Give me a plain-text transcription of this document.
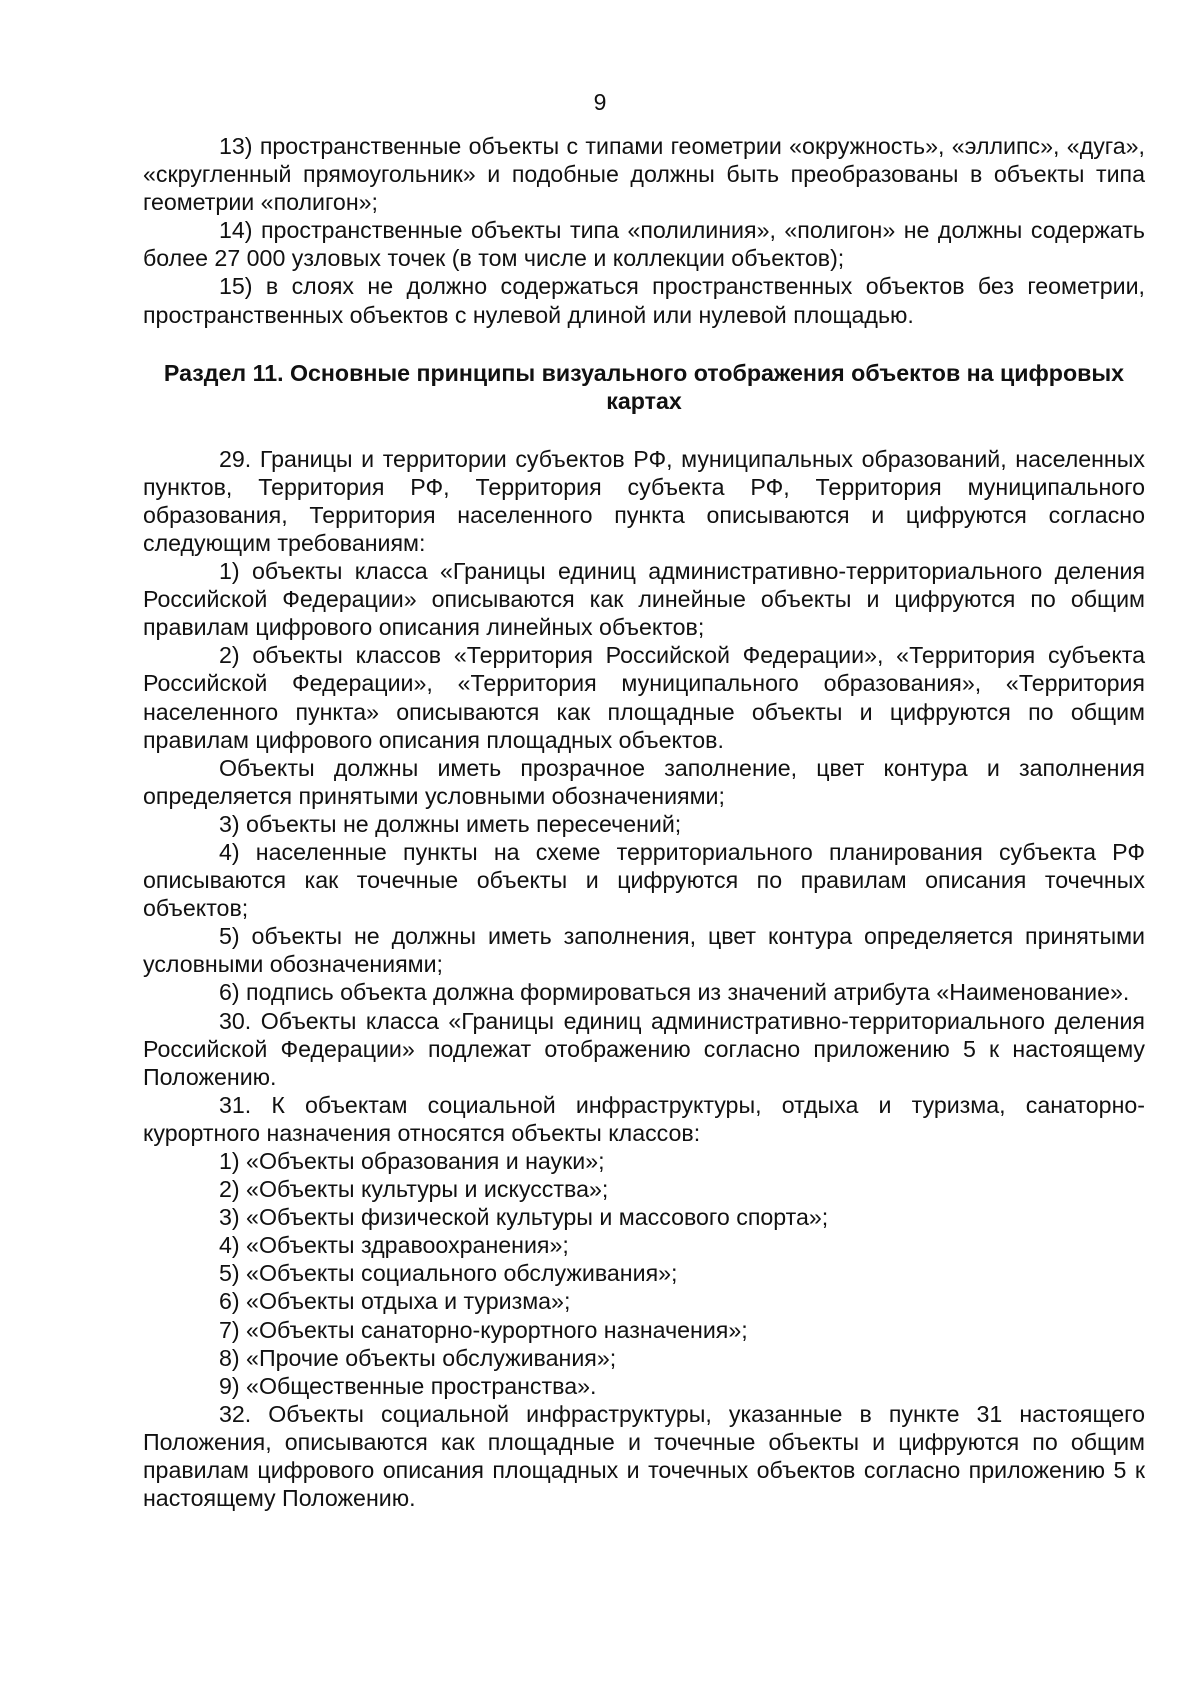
9

13) пространственные объекты с типами геометрии «окружность», «эллипс», «дуга», «скругленный прямоугольник» и подобные должны быть преобразованы в объекты типа геометрии «полигон»;

14) пространственные объекты типа «полилиния», «полигон» не должны содержать более 27 000 узловых точек (в том числе и коллекции объектов);

15) в слоях не должно содержаться пространственных объектов без геометрии, пространственных объектов с нулевой длиной или нулевой площадью.

Раздел 11. Основные принципы визуального отображения объектов на цифровых картах

29. Границы и территории субъектов РФ, муниципальных образований, населенных пунктов, Территория РФ, Территория субъекта РФ, Территория муниципального образования, Территория населенного пункта описываются и цифруются согласно следующим требованиям:

1) объекты класса «Границы единиц административно-территориального деления Российской Федерации» описываются как линейные объекты и цифруются по общим правилам цифрового описания линейных объектов;

2) объекты классов «Территория Российской Федерации», «Территория субъекта Российской Федерации», «Территория муниципального образования», «Территория населенного пункта» описываются как площадные объекты и цифруются по общим правилам цифрового описания площадных объектов.

Объекты должны иметь прозрачное заполнение, цвет контура и заполнения определяется принятыми условными обозначениями;

3) объекты не должны иметь пересечений;

4) населенные пункты на схеме территориального планирования субъекта РФ описываются как точечные объекты и цифруются по правилам описания точечных объектов;

5) объекты не должны иметь заполнения, цвет контура определяется принятыми условными обозначениями;

6) подпись объекта должна формироваться из значений атрибута «Наименование».

30. Объекты класса «Границы единиц административно-территориального деления Российской Федерации» подлежат отображению согласно приложению 5 к настоящему Положению.

31. К объектам социальной инфраструктуры, отдыха и туризма, санаторно-курортного назначения относятся объекты классов:

1) «Объекты образования и науки»;

2) «Объекты культуры и искусства»;

3) «Объекты физической культуры и массового спорта»;

4) «Объекты здравоохранения»;

5) «Объекты социального обслуживания»;

6) «Объекты отдыха и туризма»;

7) «Объекты санаторно-курортного назначения»;

8) «Прочие объекты обслуживания»;

9) «Общественные пространства».

32. Объекты социальной инфраструктуры, указанные в пункте 31 настоящего Положения, описываются как площадные и точечные объекты и цифруются по общим правилам цифрового описания площадных и точечных объектов согласно приложению 5 к настоящему Положению.
